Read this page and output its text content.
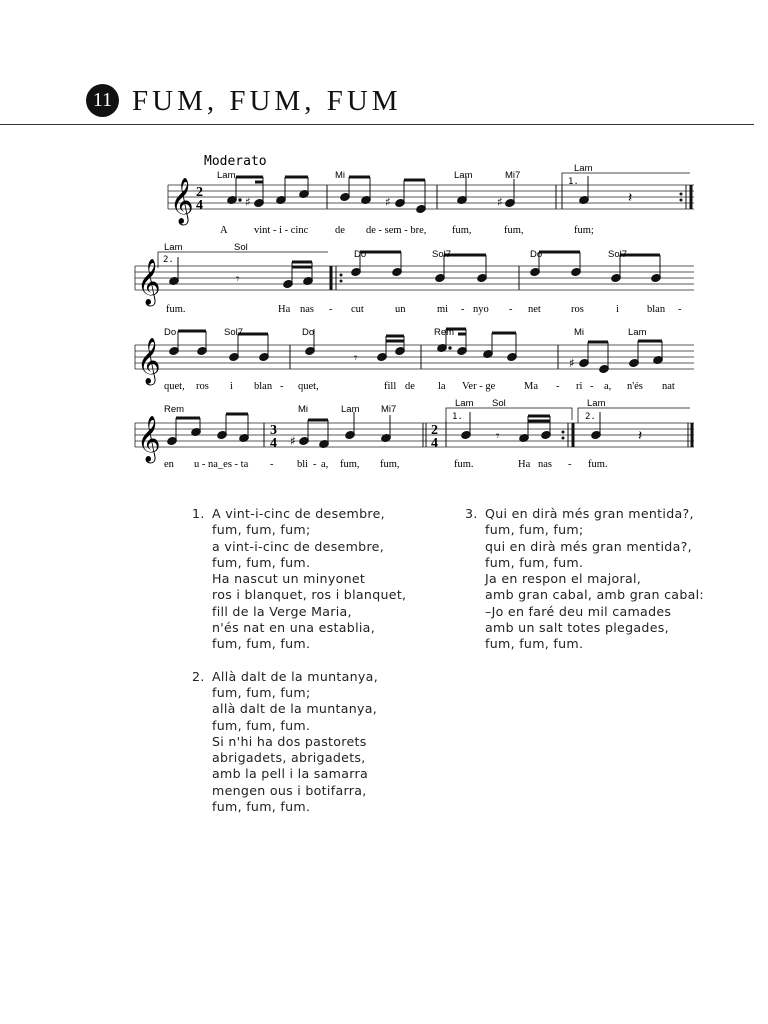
11 FUM, FUM, FUM
Moderato
𝄞 2
4	♯	♯	♯	𝄽
1.
Lam	Mi	Lam	Mi7
Lam
A	vint - i - cinc	de de - sem - bre, fum,	fum,	fum;
𝄞 2.
𝄾
Lam	Sol
Do	Sol7	Do	Sol7
fum.	Ha nas - cut	un	mi - nyo - net	ros	i	blan -
𝄞	𝄾	♯
Do	Sol7	Do	Rem	Mi	Lam
quet, ros i blan - quet,	fill de la Ver - ge	Ma - ri - a, n'és nat
𝄞	3
4
2
4
♯	𝄾	𝄽
1.	2.
Rem	Mi	Lam Mi7
Lam Sol	Lam
en u - na_es - ta - bli - a, fum, fum,	fum.	Ha nas - fum.
1. A vint-i-cinc de desembre,
fum, fum, fum;
a vint-i-cinc de desembre,
fum, fum, fum.
Ha nascut un minyonet
ros i blanquet, ros i blanquet,
fill de la Verge Maria,
n'és nat en una establia,
fum, fum, fum.
2. Allà dalt de la muntanya,
fum, fum, fum;
allà dalt de la muntanya,
fum, fum, fum.
Si n'hi ha dos pastorets
abrigadets, abrigadets,
amb la pell i la samarra
mengen ous i botifarra,
fum, fum, fum.
3. Qui en dirà més gran mentida?,
fum, fum, fum;
qui en dirà més gran mentida?,
fum, fum, fum.
Ja en respon el majoral,
amb gran cabal, amb gran cabal:
–Jo en faré deu mil camades
amb un salt totes plegades,
fum, fum, fum.
